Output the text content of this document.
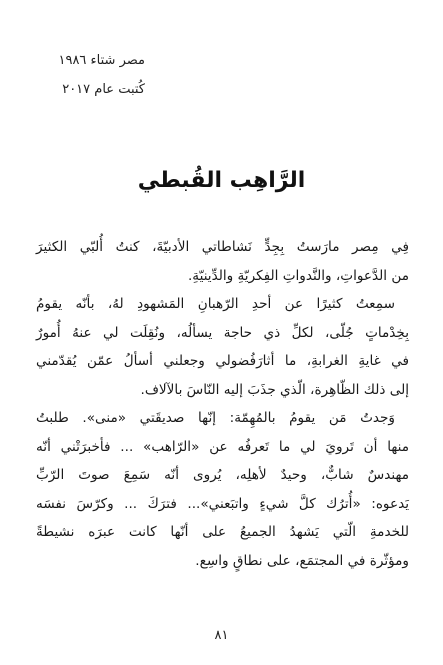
مصر شتاء ١٩٨٦
كُتبت عام ٢٠١٧
الرَّاهِب القُبطي

فِي مِصر مارَستُ بِجِدٍّ نَشاطاتي الأدبيّةَ، كنتُ أُلبّي الكثيرَ
من الدَّعواتِ، والنَّدواتِ الفِكريّةِ والدِّينيّةِ.

سمِعتُ كثيرًا عن أحدِ الرّهبانِ المَشهودِ لهُ، بأنّه يقومُ
بِخِدْماتٍ جُلّى، لكلِّ ذي حاجة يسألُه، ونُقِلَت لي عنهُ أُمورٌ
في غايةِ الغرابةِ، ما أثارَفُضولي وجعلني أسألُ عمّن يُقدّمني
إلى ذلك الظّاهِرة، الّذي جذَبَ إليه النّاسَ بالآلاف.

وَجدتُ مَن يقومُ بالمُهِمّة: إنّها صديقَتي «منى». طلبتُ
منها أن تَرويَ لي ما تَعرفُه عن «الرّاهب» ... فأخبرَتْني أنّه
مهندسٌ شابٌّ، وحيدٌ لأهلِه، يُروى أنّه سَمِعَ صوتَ الرّبِّ
يَدعوه: «أُترُك كلَّ شيءٍ واتبَعني»... فترَكَ ... وكرّسَ نفسَه
للخدمةِ الّتي يَشهدُ الجميعُ على أنّها كانت عبرَه نشيطةً
ومؤثّرة في المجتمَع، على نطاقٍ واسِع.

٨١
